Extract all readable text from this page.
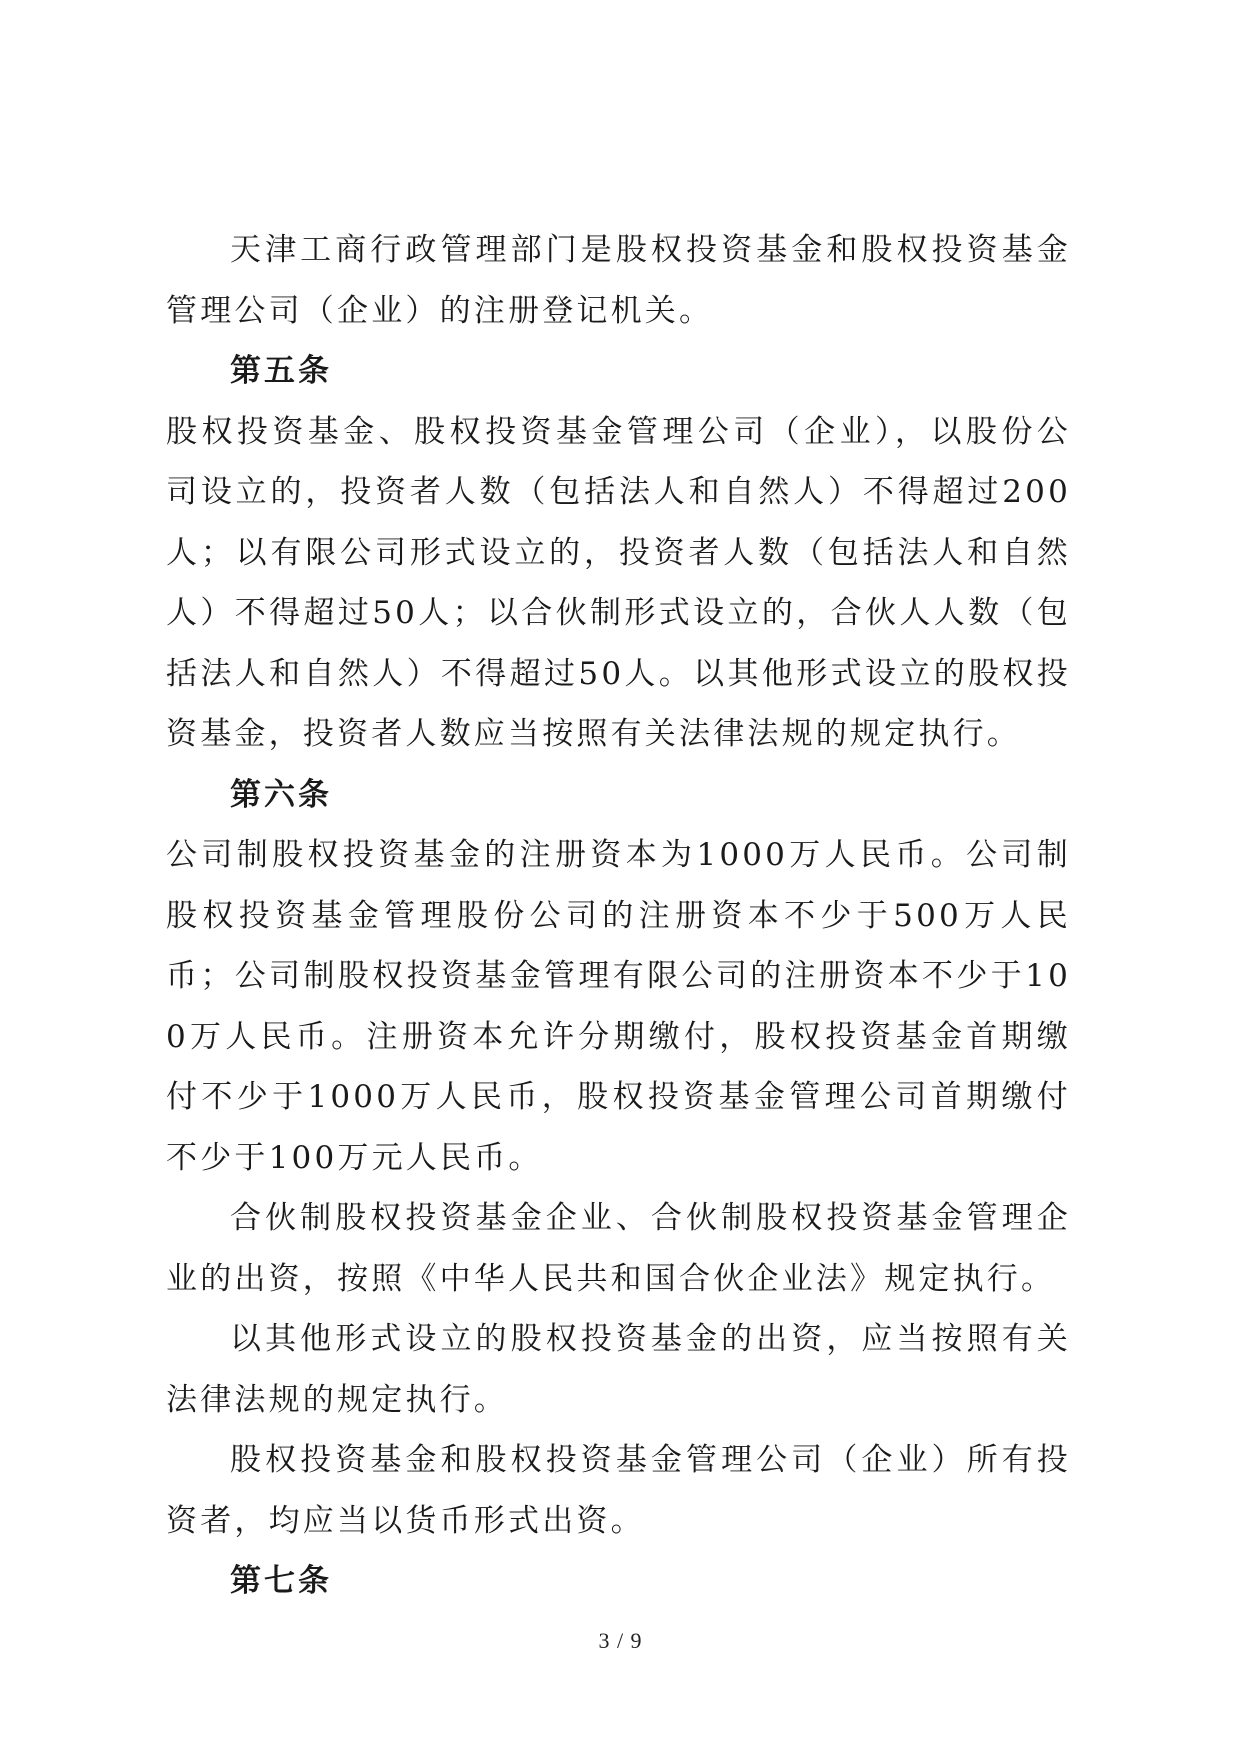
天津工商行政管理部门是股权投资基金和股权投资基金管理公司（企业）的注册登记机关。

第五条

股权投资基金、股权投资基金管理公司（企业），以股份公司设立的，投资者人数（包括法人和自然人）不得超过200人；以有限公司形式设立的，投资者人数（包括法人和自然人）不得超过50人；以合伙制形式设立的，合伙人人数（包括法人和自然人）不得超过50人。以其他形式设立的股权投资基金，投资者人数应当按照有关法律法规的规定执行。

第六条

公司制股权投资基金的注册资本为1000万人民币。公司制股权投资基金管理股份公司的注册资本不少于500万人民币；公司制股权投资基金管理有限公司的注册资本不少于100万人民币。注册资本允许分期缴付，股权投资基金首期缴付不少于1000万人民币，股权投资基金管理公司首期缴付不少于100万元人民币。

合伙制股权投资基金企业、合伙制股权投资基金管理企业的出资，按照《中华人民共和国合伙企业法》规定执行。

以其他形式设立的股权投资基金的出资，应当按照有关法律法规的规定执行。

股权投资基金和股权投资基金管理公司（企业）所有投资者，均应当以货币形式出资。

第七条

3 / 9
